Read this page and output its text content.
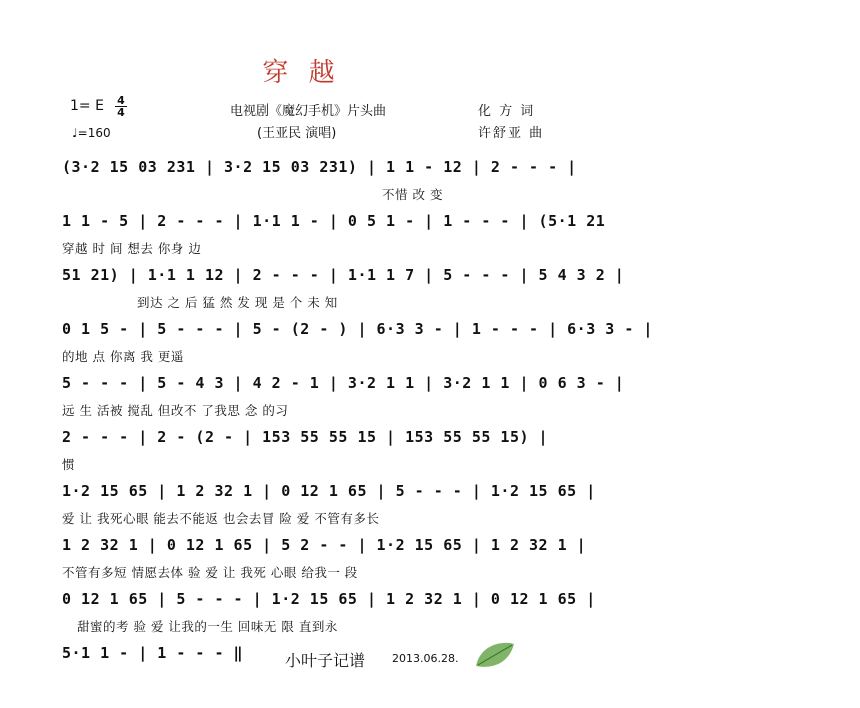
穿 越
1= E 4
4
♩=160
电视剧《魔幻手机》片头曲
(王亚民 演唱)
化 方 词
许舒亚 曲
(3·2 15 03 231 | 3·2 15 03 231) | 1 1 - 12 | 2 - - - |
不惜 改 变
1 1 - 5 | 2 - - - | 1·1 1 - | 0 5 1 - | 1 - - - | (5·1 21
穿越 时 间 想去 你身 边
51 21) | 1·1 1 12 | 2 - - - | 1·1 1 7 | 5 - - - | 5 4 3 2 |
到达 之 后 猛 然 发 现 是 个 未 知
0 1 5 - | 5 - - - | 5 - (2 - ) | 6·3 3 - | 1 - - - | 6·3 3 - |
的地 点 你离 我 更遥
5 - - - | 5 - 4 3 | 4 2 - 1 | 3·2 1 1 | 3·2 1 1 | 0 6 3 - |
远 生 活被 搅乱 但改不 了我思 念 的习
2 - - - | 2 - (2 - | 153 55 55 15 | 153 55 55 15) |
惯
1·2 15 65 | 1 2 32 1 | 0 12 1 65 | 5 - - - | 1·2 15 65 |
爱 让 我死心眼 能去不能返 也会去冒 险 爱 不管有多长
1 2 32 1 | 0 12 1 65 | 5 2 - - | 1·2 15 65 | 1 2 32 1 |
不管有多短 情愿去体 验 爱 让 我死 心眼 给我一 段
0 12 1 65 | 5 - - - | 1·2 15 65 | 1 2 32 1 | 0 12 1 65 |
甜蜜的考 验 爱 让我的一生 回味无 限 直到永
5·1 1 - | 1 - - - ‖	小叶子记谱 2013.06.28.
